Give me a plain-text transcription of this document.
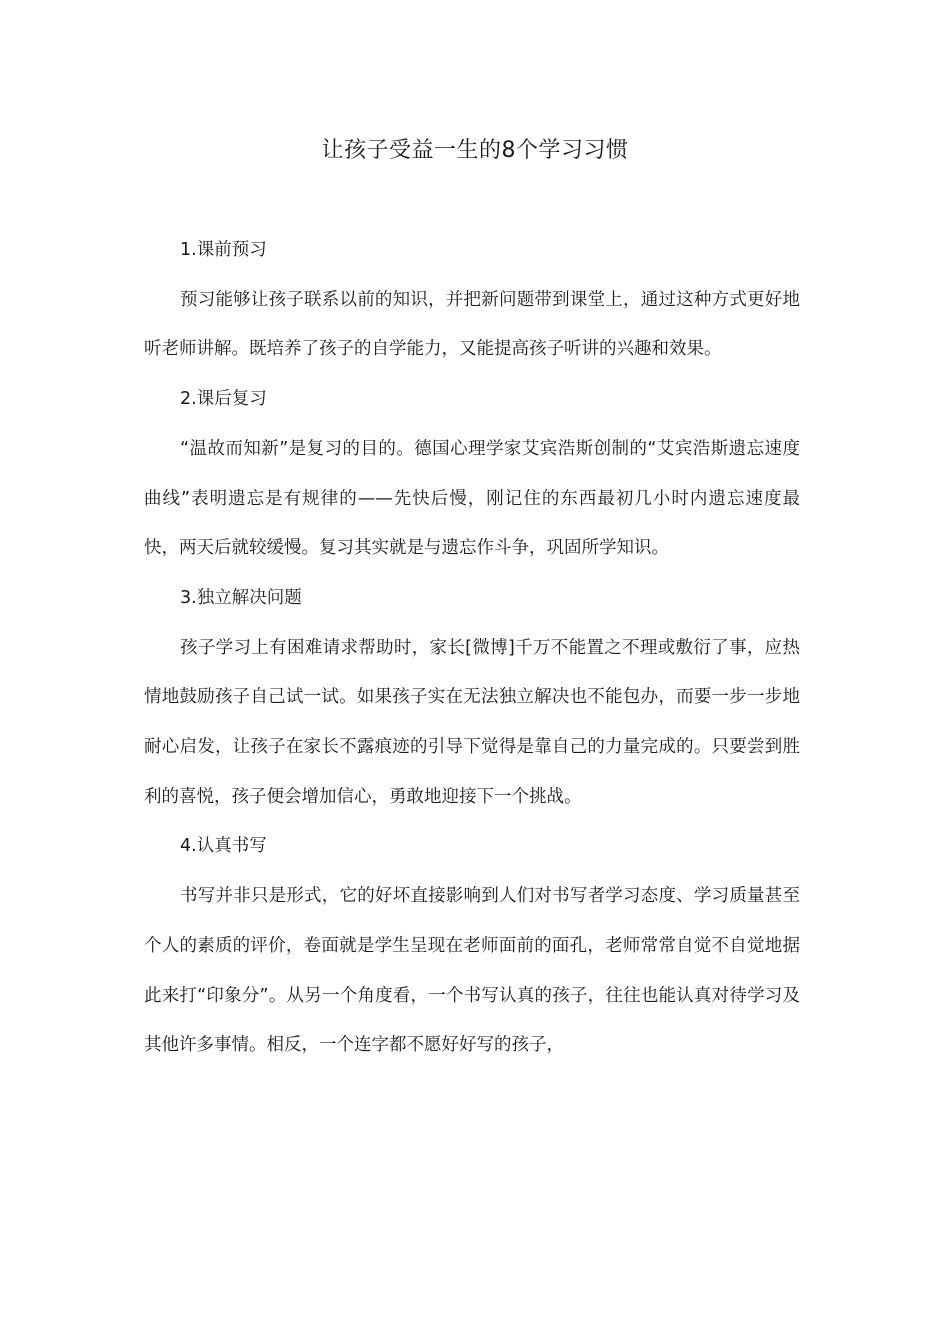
让孩子受益一生的8个学习习惯

1.课前预习

预习能够让孩子联系以前的知识，并把新问题带到课堂上，通过这种方式更好地听老师讲解。既培养了孩子的自学能力，又能提高孩子听讲的兴趣和效果。

2.课后复习

“温故而知新”是复习的目的。德国心理学家艾宾浩斯创制的“艾宾浩斯遗忘速度曲线”表明遗忘是有规律的——先快后慢，刚记住的东西最初几小时内遗忘速度最快，两天后就较缓慢。复习其实就是与遗忘作斗争，巩固所学知识。

3.独立解决问题

孩子学习上有困难请求帮助时，家长[微博]千万不能置之不理或敷衍了事，应热情地鼓励孩子自己试一试。如果孩子实在无法独立解决也不能包办，而要一步一步地耐心启发，让孩子在家长不露痕迹的引导下觉得是靠自己的力量完成的。只要尝到胜利的喜悦，孩子便会增加信心，勇敢地迎接下一个挑战。

4.认真书写

书写并非只是形式，它的好坏直接影响到人们对书写者学习态度、学习质量甚至个人的素质的评价，卷面就是学生呈现在老师面前的面孔，老师常常自觉不自觉地据此来打“印象分”。从另一个角度看，一个书写认真的孩子，往往也能认真对待学习及其他许多事情。相反，一个连字都不愿好好写的孩子，
